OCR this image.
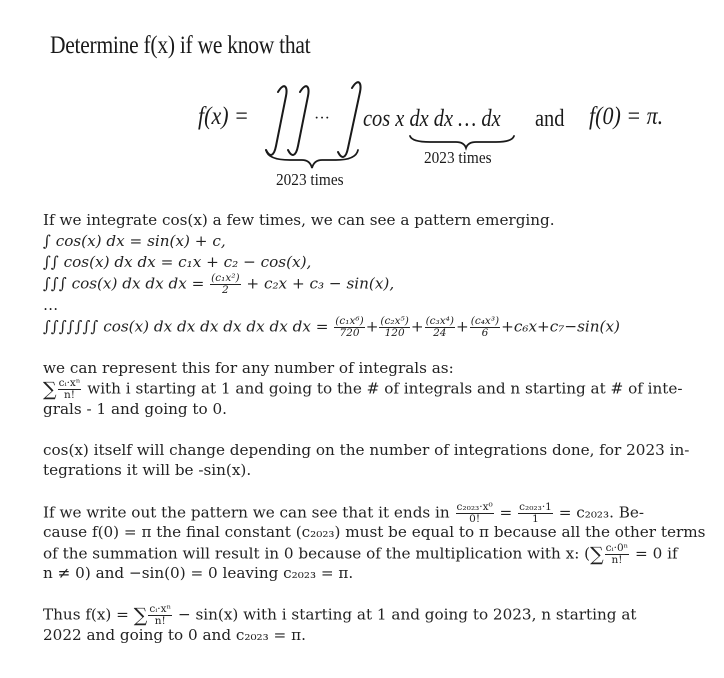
Determine f(x) if we know that
···
f(x) =	cos x dx dx … dx and f(0) = π.
2023 times
2023 times
If we integrate cos(x) a few times, we can see a pattern emerging.
∫ cos(x) dx = sin(x) + c,
∫∫ cos(x) dx dx = c₁x + c₂ − cos(x),
∫∫∫ cos(x) dx dx dx = $\frac{\text{(c₁x²)}}{2} + c_2x + c_3 - \sin(x)$,
…
∫∫∫∫∫∫∫ cos(x) dx dx dx dx dx dx dx = $\frac{\text{(c₁x⁶)}}{720} + \frac{\text{(c₂x⁵)}}{120} + \frac{\text{(c₃x⁴)}}{24} + \frac{\text{(c₄x³)}}{6} +c_6x+c_7-\sin(x)$
we can represent this for any number of integrals as:
∑ $\frac{\text{cᵢ·xⁿ}}{n!}$ with i starting at 1 and going to the # of integrals and n starting at # of inte-
grals - 1 and going to 0.
cos(x) itself will change depending on the number of integrations done, for 2023 in-
tegrations it will be -sin(x).
If we write out the pattern we can see that it ends in $\frac{\text{c₂₀₂₃·x⁰}}{0!} = \frac{\text{c₂₀₂₃·1}}{1} = c_{2023}$. Be-
cause f(0) = π the final constant (c₂₀₂₃) must be equal to π because all the other terms
of the summation will result in 0 because of the multiplication with x: (∑ $\frac{\text{cᵢ·0ⁿ}}{n!} = 0$ if
n ≠ 0) and −sin(0) = 0 leaving c₂₀₂₃ = π.
Thus f(x) = ∑ $\frac{\text{cᵢ·xⁿ}}{n!} - \sin(x)$ with i starting at 1 and going to 2023, n starting at
2022 and going to 0 and c₂₀₂₃ = π.
